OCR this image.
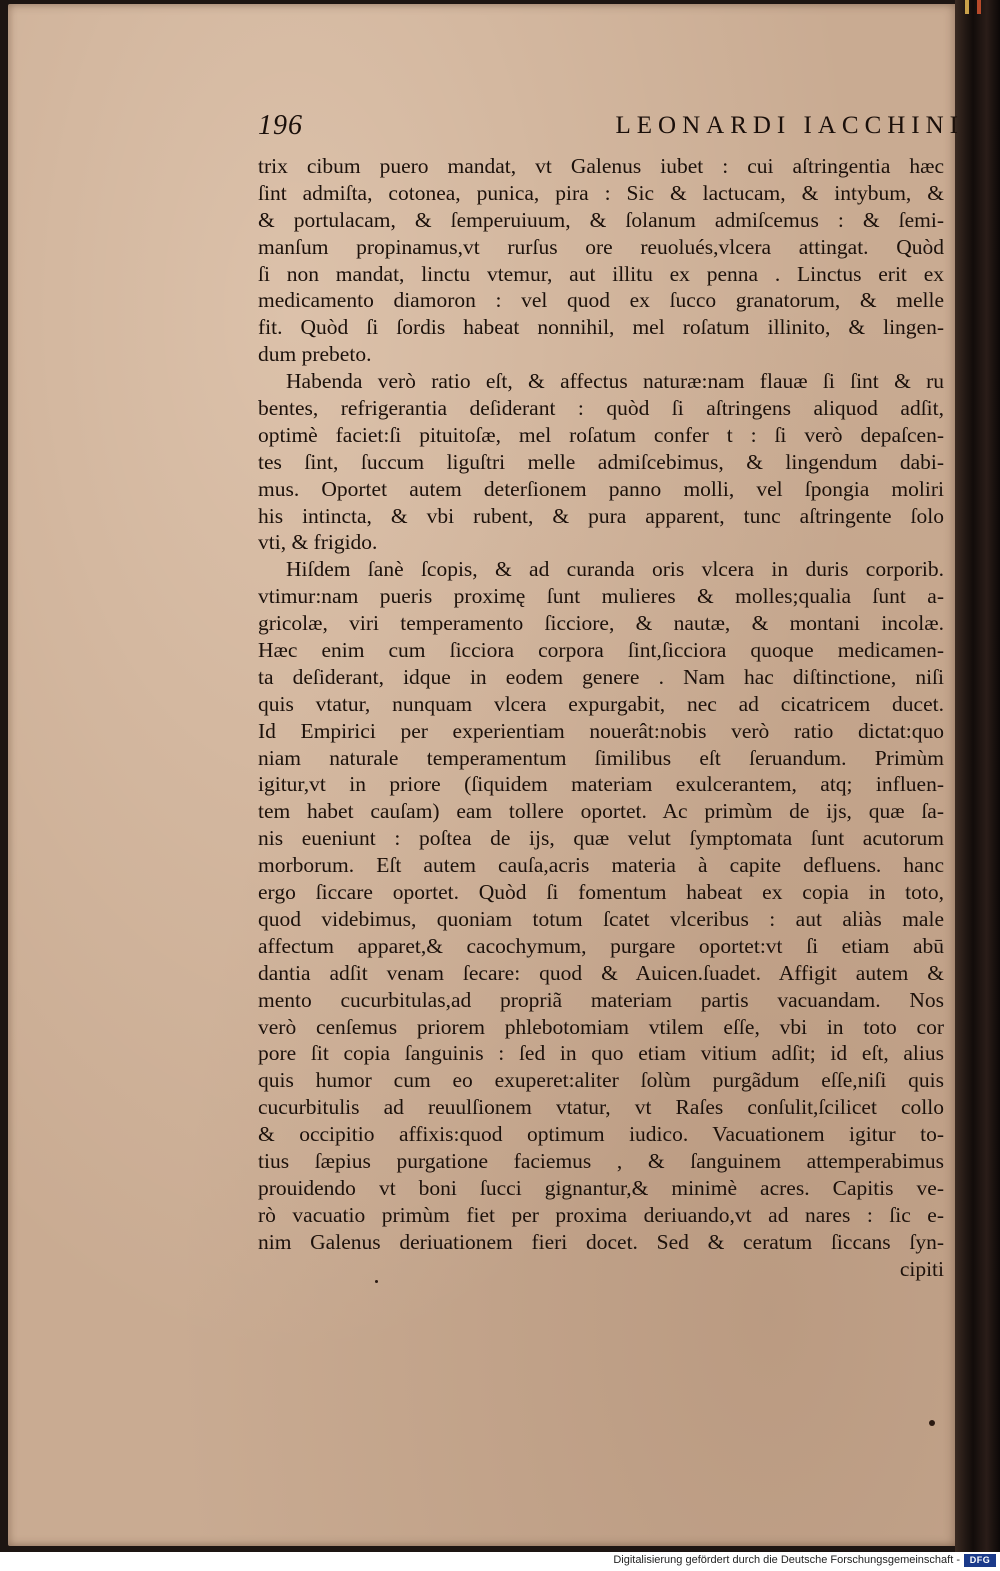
196	LEONARDI IACCHINI
trix cibum puero mandat, vt Galenus iubet : cui aſtringentia hæc
ſint admiſta, cotonea, punica, pira : Sic & lactucam, & intybum, &
& portulacam, & ſemperuiuum, & ſolanum admiſcemus : & ſemi-
manſum propinamus,vt rurſus ore reuolués,vlcera attingat. Quòd
ſi non mandat, linctu vtemur, aut illitu ex penna . Linctus erit ex
medicamento diamoron : vel quod ex ſucco granatorum, & melle
fit. Quòd ſi ſordis habeat nonnihil, mel roſatum illinito, & lingen-
dum prebeto.
Habenda verò ratio eſt, & affectus naturæ:nam flauæ ſi ſint & ru
bentes, refrigerantia deſiderant : quòd ſi aſtringens aliquod adſit,
optimè faciet:ſi pituitoſæ, mel roſatum confer t : ſi verò depaſcen-
tes ſint, ſuccum liguſtri melle admiſcebimus, & lingendum dabi-
mus. Oportet autem deterſionem panno molli, vel ſpongia moliri
his intincta, & vbi rubent, & pura apparent, tunc aſtringente ſolo
vti, & frigido.
Hiſdem ſanè ſcopis, & ad curanda oris vlcera in duris corporib.
vtimur:nam pueris proximę ſunt mulieres & molles;qualia ſunt a-
gricolæ, viri temperamento ſicciore, & nautæ, & montani incolæ.
Hæc enim cum ſicciora corpora ſint,ſicciora quoque medicamen-
ta deſiderant, idque in eodem genere . Nam hac diſtinctione, niſi
quis vtatur, nunquam vlcera expurgabit, nec ad cicatricem ducet.
Id Empirici per experientiam nouerât:nobis verò ratio dictat:quo
niam naturale temperamentum ſimilibus eſt ſeruandum. Primùm
igitur,vt in priore (ſiquidem materiam exulcerantem, atq; influen-
tem habet cauſam) eam tollere oportet. Ac primùm de ijs, quæ ſa-
nis eueniunt : poſtea de ijs, quæ velut ſymptomata ſunt acutorum
morborum. Eſt autem cauſa,acris materia à capite defluens. hanc
ergo ſiccare oportet. Quòd ſi fomentum habeat ex copia in toto,
quod videbimus, quoniam totum ſcatet vlceribus : aut aliàs male
affectum apparet,& cacochymum, purgare oportet:vt ſi etiam abū
dantia adſit venam ſecare: quod & Auicen.ſuadet. Affigit autem &
mento cucurbitulas,ad propriã materiam partis vacuandam. Nos
verò cenſemus priorem phlebotomiam vtilem eſſe, vbi in toto cor
pore ſit copia ſanguinis : ſed in quo etiam vitium adſit; id eſt, alius
quis humor cum eo exuperet:aliter ſolùm purgãdum eſſe,niſi quis
cucurbitulis ad reuulſionem vtatur, vt Raſes conſulit,ſcilicet collo
& occipitio affixis:quod optimum iudico. Vacuationem igitur to-
tius ſæpius purgatione faciemus , & ſanguinem attemperabimus
prouidendo vt boni ſucci gignantur,& minimè acres. Capitis ve-
rò vacuatio primùm fiet per proxima deriuando,vt ad nares : ſic e-
nim Galenus deriuationem fieri docet. Sed & ceratum ſiccans ſyn-
cipiti
Digitalisierung gefördert durch die Deutsche Forschungsgemeinschaft -	DFG
